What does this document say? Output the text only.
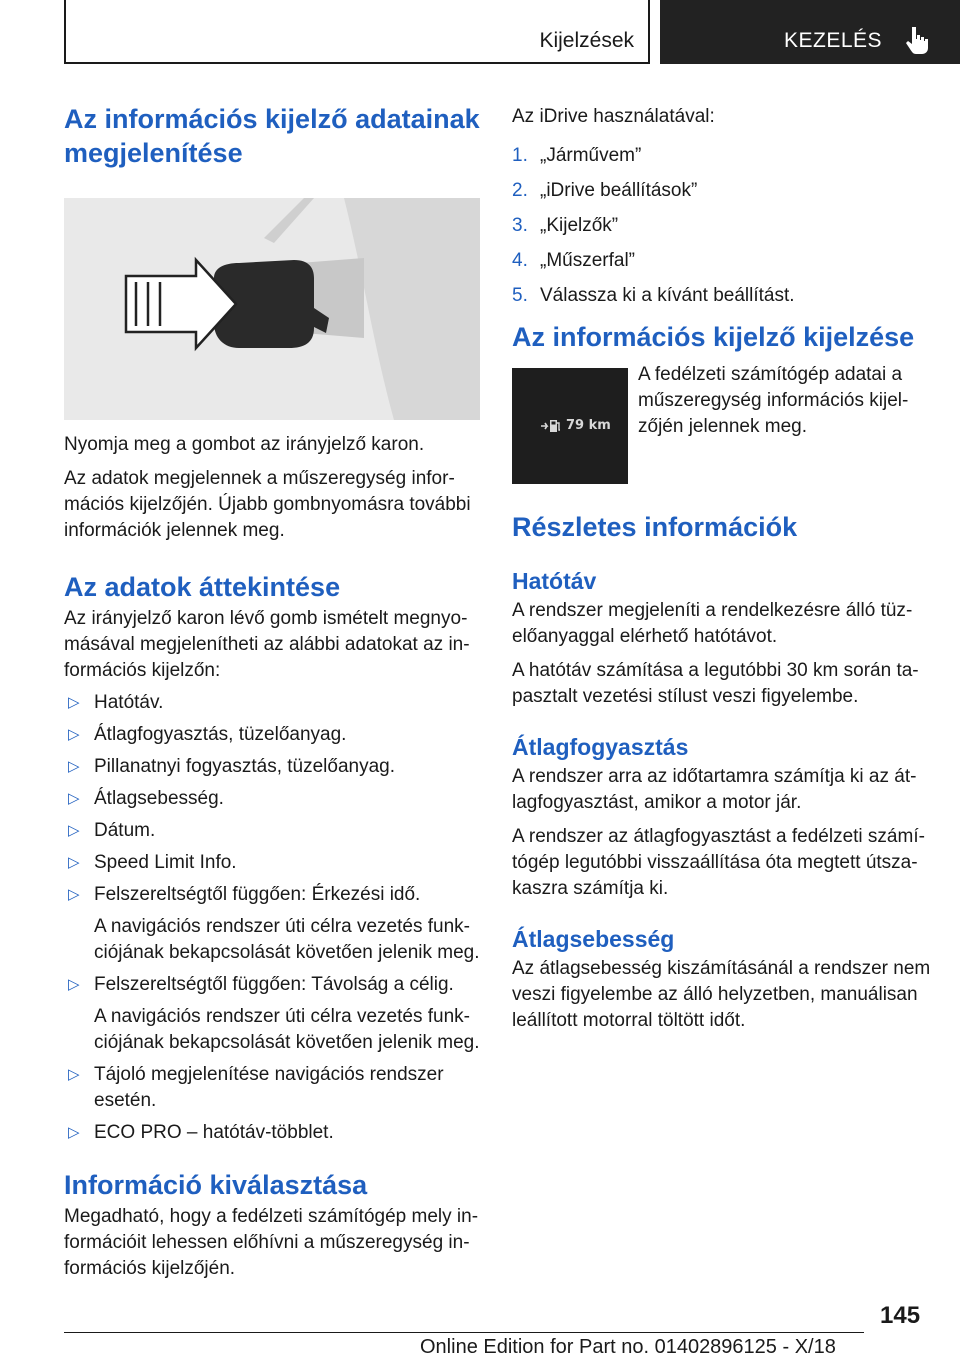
Kijelzések	KEZELÉS
Az információs kijelző adatainak megjelenítése

Nyomja meg a gombot az irányjelző karon.

Az adatok megjelennek a műszeregység információs kijelzőjén. Újabb gombnyomásra további információk jelennek meg.

Az adatok áttekintése

Az irányjelző karon lévő gomb ismételt megnyomásával megjelenítheti az alábbi adatokat az információs kijelzőn:

▷ Hatótáv.
▷ Átlagfogyasztás, tüzelőanyag.
▷ Pillanatnyi fogyasztás, tüzelőanyag.
▷ Átlagsebesség.
▷ Dátum.
▷ Speed Limit Info.
▷ Felszereltségtől függően: Érkezési idő.
A navigációs rendszer úti célra vezetés funkciójának bekapcsolását követően jelenik meg.
▷ Felszereltségtől függően: Távolság a célig.
A navigációs rendszer úti célra vezetés funkciójának bekapcsolását követően jelenik meg.
▷ Tájoló megjelenítése navigációs rendszer esetén.
▷ ECO PRO – hatótáv-többlet.
Információ kiválasztása

Megadható, hogy a fedélzeti számítógép mely információit lehessen előhívni a műszeregység információs kijelzőjén.

Az iDrive használatával:

1. „Járművem”
2. „iDrive beállítások”
3. „Kijelzők”
4. „Műszerfal”
5. Válassza ki a kívánt beállítást.
Az információs kijelző kijelzése
79 km

A fedélzeti számítógép adatai a műszeregység információs kijelzőjén jelennek meg.

Részletes információk
Hatótáv

A rendszer megjeleníti a rendelkezésre álló tüzelőanyaggal elérhető hatótávot.

A hatótáv számítása a legutóbbi 30 km során tapasztalt vezetési stílust veszi figyelembe.

Átlagfogyasztás

A rendszer arra az időtartamra számítja ki az átlagfogyasztást, amikor a motor jár.

A rendszer az átlagfogyasztást a fedélzeti számítógép legutóbbi visszaállítása óta megtett útszakaszra számítja ki.

Átlagsebesség

Az átlagsebesség kiszámításánál a rendszer nem veszi figyelembe az álló helyzetben, manuálisan leállított motorral töltött időt.

145
Online Edition for Part no. 01402896125 - X/18
